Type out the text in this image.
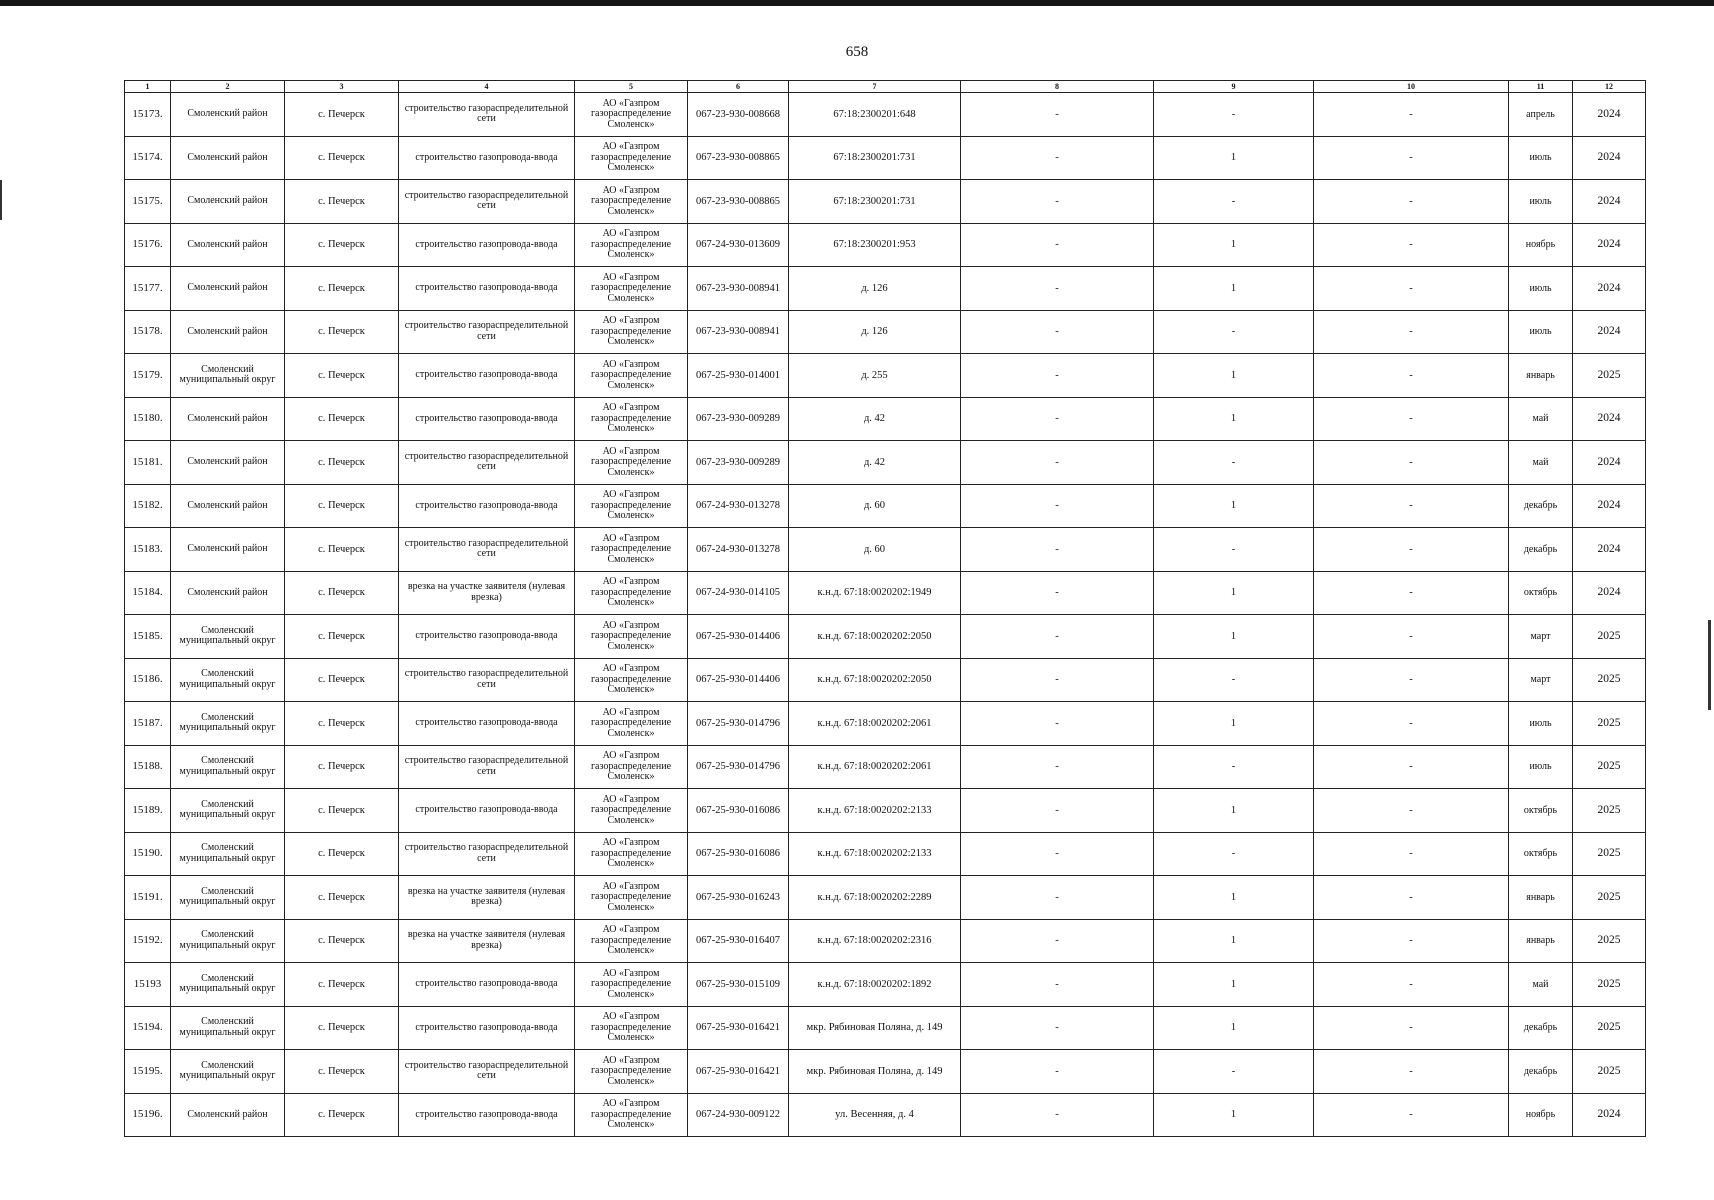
658
1	2	3	4	5	6	7	8	9	10	11	12
15173.	Смоленский район	с. Печерск	строительство газораспределительной сети	АО «Газпром газораспределение Смоленск»	067-23-930-008668	67:18:2300201:648	-	-	-	апрель	2024
15174.	Смоленский район	с. Печерск	строительство газопровода-ввода	АО «Газпром газораспределение Смоленск»	067-23-930-008865	67:18:2300201:731	-	1	-	июль	2024
15175.	Смоленский район	с. Печерск	строительство газораспределительной сети	АО «Газпром газораспределение Смоленск»	067-23-930-008865	67:18:2300201:731	-	-	-	июль	2024
15176.	Смоленский район	с. Печерск	строительство газопровода-ввода	АО «Газпром газораспределение Смоленск»	067-24-930-013609	67:18:2300201:953	-	1	-	ноябрь	2024
15177.	Смоленский район	с. Печерск	строительство газопровода-ввода	АО «Газпром газораспределение Смоленск»	067-23-930-008941	д. 126	-	1	-	июль	2024
15178.	Смоленский район	с. Печерск	строительство газораспределительной сети	АО «Газпром газораспределение Смоленск»	067-23-930-008941	д. 126	-	-	-	июль	2024
15179.	Смоленский муниципальный округ	с. Печерск	строительство газопровода-ввода	АО «Газпром газораспределение Смоленск»	067-25-930-014001	д. 255	-	1	-	январь	2025
15180.	Смоленский район	с. Печерск	строительство газопровода-ввода	АО «Газпром газораспределение Смоленск»	067-23-930-009289	д. 42	-	1	-	май	2024
15181.	Смоленский район	с. Печерск	строительство газораспределительной сети	АО «Газпром газораспределение Смоленск»	067-23-930-009289	д. 42	-	-	-	май	2024
15182.	Смоленский район	с. Печерск	строительство газопровода-ввода	АО «Газпром газораспределение Смоленск»	067-24-930-013278	д. 60	-	1	-	декабрь	2024
15183.	Смоленский район	с. Печерск	строительство газораспределительной сети	АО «Газпром газораспределение Смоленск»	067-24-930-013278	д. 60	-	-	-	декабрь	2024
15184.	Смоленский район	с. Печерск	врезка на участке заявителя (нулевая врезка)	АО «Газпром газораспределение Смоленск»	067-24-930-014105	к.н.д. 67:18:0020202:1949	-	1	-	октябрь	2024
15185.	Смоленский муниципальный округ	с. Печерск	строительство газопровода-ввода	АО «Газпром газораспределение Смоленск»	067-25-930-014406	к.н.д. 67:18:0020202:2050	-	1	-	март	2025
15186.	Смоленский муниципальный округ	с. Печерск	строительство газораспределительной сети	АО «Газпром газораспределение Смоленск»	067-25-930-014406	к.н.д. 67:18:0020202:2050	-	-	-	март	2025
15187.	Смоленский муниципальный округ	с. Печерск	строительство газопровода-ввода	АО «Газпром газораспределение Смоленск»	067-25-930-014796	к.н.д. 67:18:0020202:2061	-	1	-	июль	2025
15188.	Смоленский муниципальный округ	с. Печерск	строительство газораспределительной сети	АО «Газпром газораспределение Смоленск»	067-25-930-014796	к.н.д. 67:18:0020202:2061	-	-	-	июль	2025
15189.	Смоленский муниципальный округ	с. Печерск	строительство газопровода-ввода	АО «Газпром газораспределение Смоленск»	067-25-930-016086	к.н.д. 67:18:0020202:2133	-	1	-	октябрь	2025
15190.	Смоленский муниципальный округ	с. Печерск	строительство газораспределительной сети	АО «Газпром газораспределение Смоленск»	067-25-930-016086	к.н.д. 67:18:0020202:2133	-	-	-	октябрь	2025
15191.	Смоленский муниципальный округ	с. Печерск	врезка на участке заявителя (нулевая врезка)	АО «Газпром газораспределение Смоленск»	067-25-930-016243	к.н.д. 67:18:0020202:2289	-	1	-	январь	2025
15192.	Смоленский муниципальный округ	с. Печерск	врезка на участке заявителя (нулевая врезка)	АО «Газпром газораспределение Смоленск»	067-25-930-016407	к.н.д. 67:18:0020202:2316	-	1	-	январь	2025
15193	Смоленский муниципальный округ	с. Печерск	строительство газопровода-ввода	АО «Газпром газораспределение Смоленск»	067-25-930-015109	к.н.д. 67:18:0020202:1892	-	1	-	май	2025
15194.	Смоленский муниципальный округ	с. Печерск	строительство газопровода-ввода	АО «Газпром газораспределение Смоленск»	067-25-930-016421	мкр. Рябиновая Поляна, д. 149	-	1	-	декабрь	2025
15195.	Смоленский муниципальный округ	с. Печерск	строительство газораспределительной сети	АО «Газпром газораспределение Смоленск»	067-25-930-016421	мкр. Рябиновая Поляна, д. 149	-	-	-	декабрь	2025
15196.	Смоленский район	с. Печерск	строительство газопровода-ввода	АО «Газпром газораспределение Смоленск»	067-24-930-009122	ул. Весенняя, д. 4	-	1	-	ноябрь	2024
